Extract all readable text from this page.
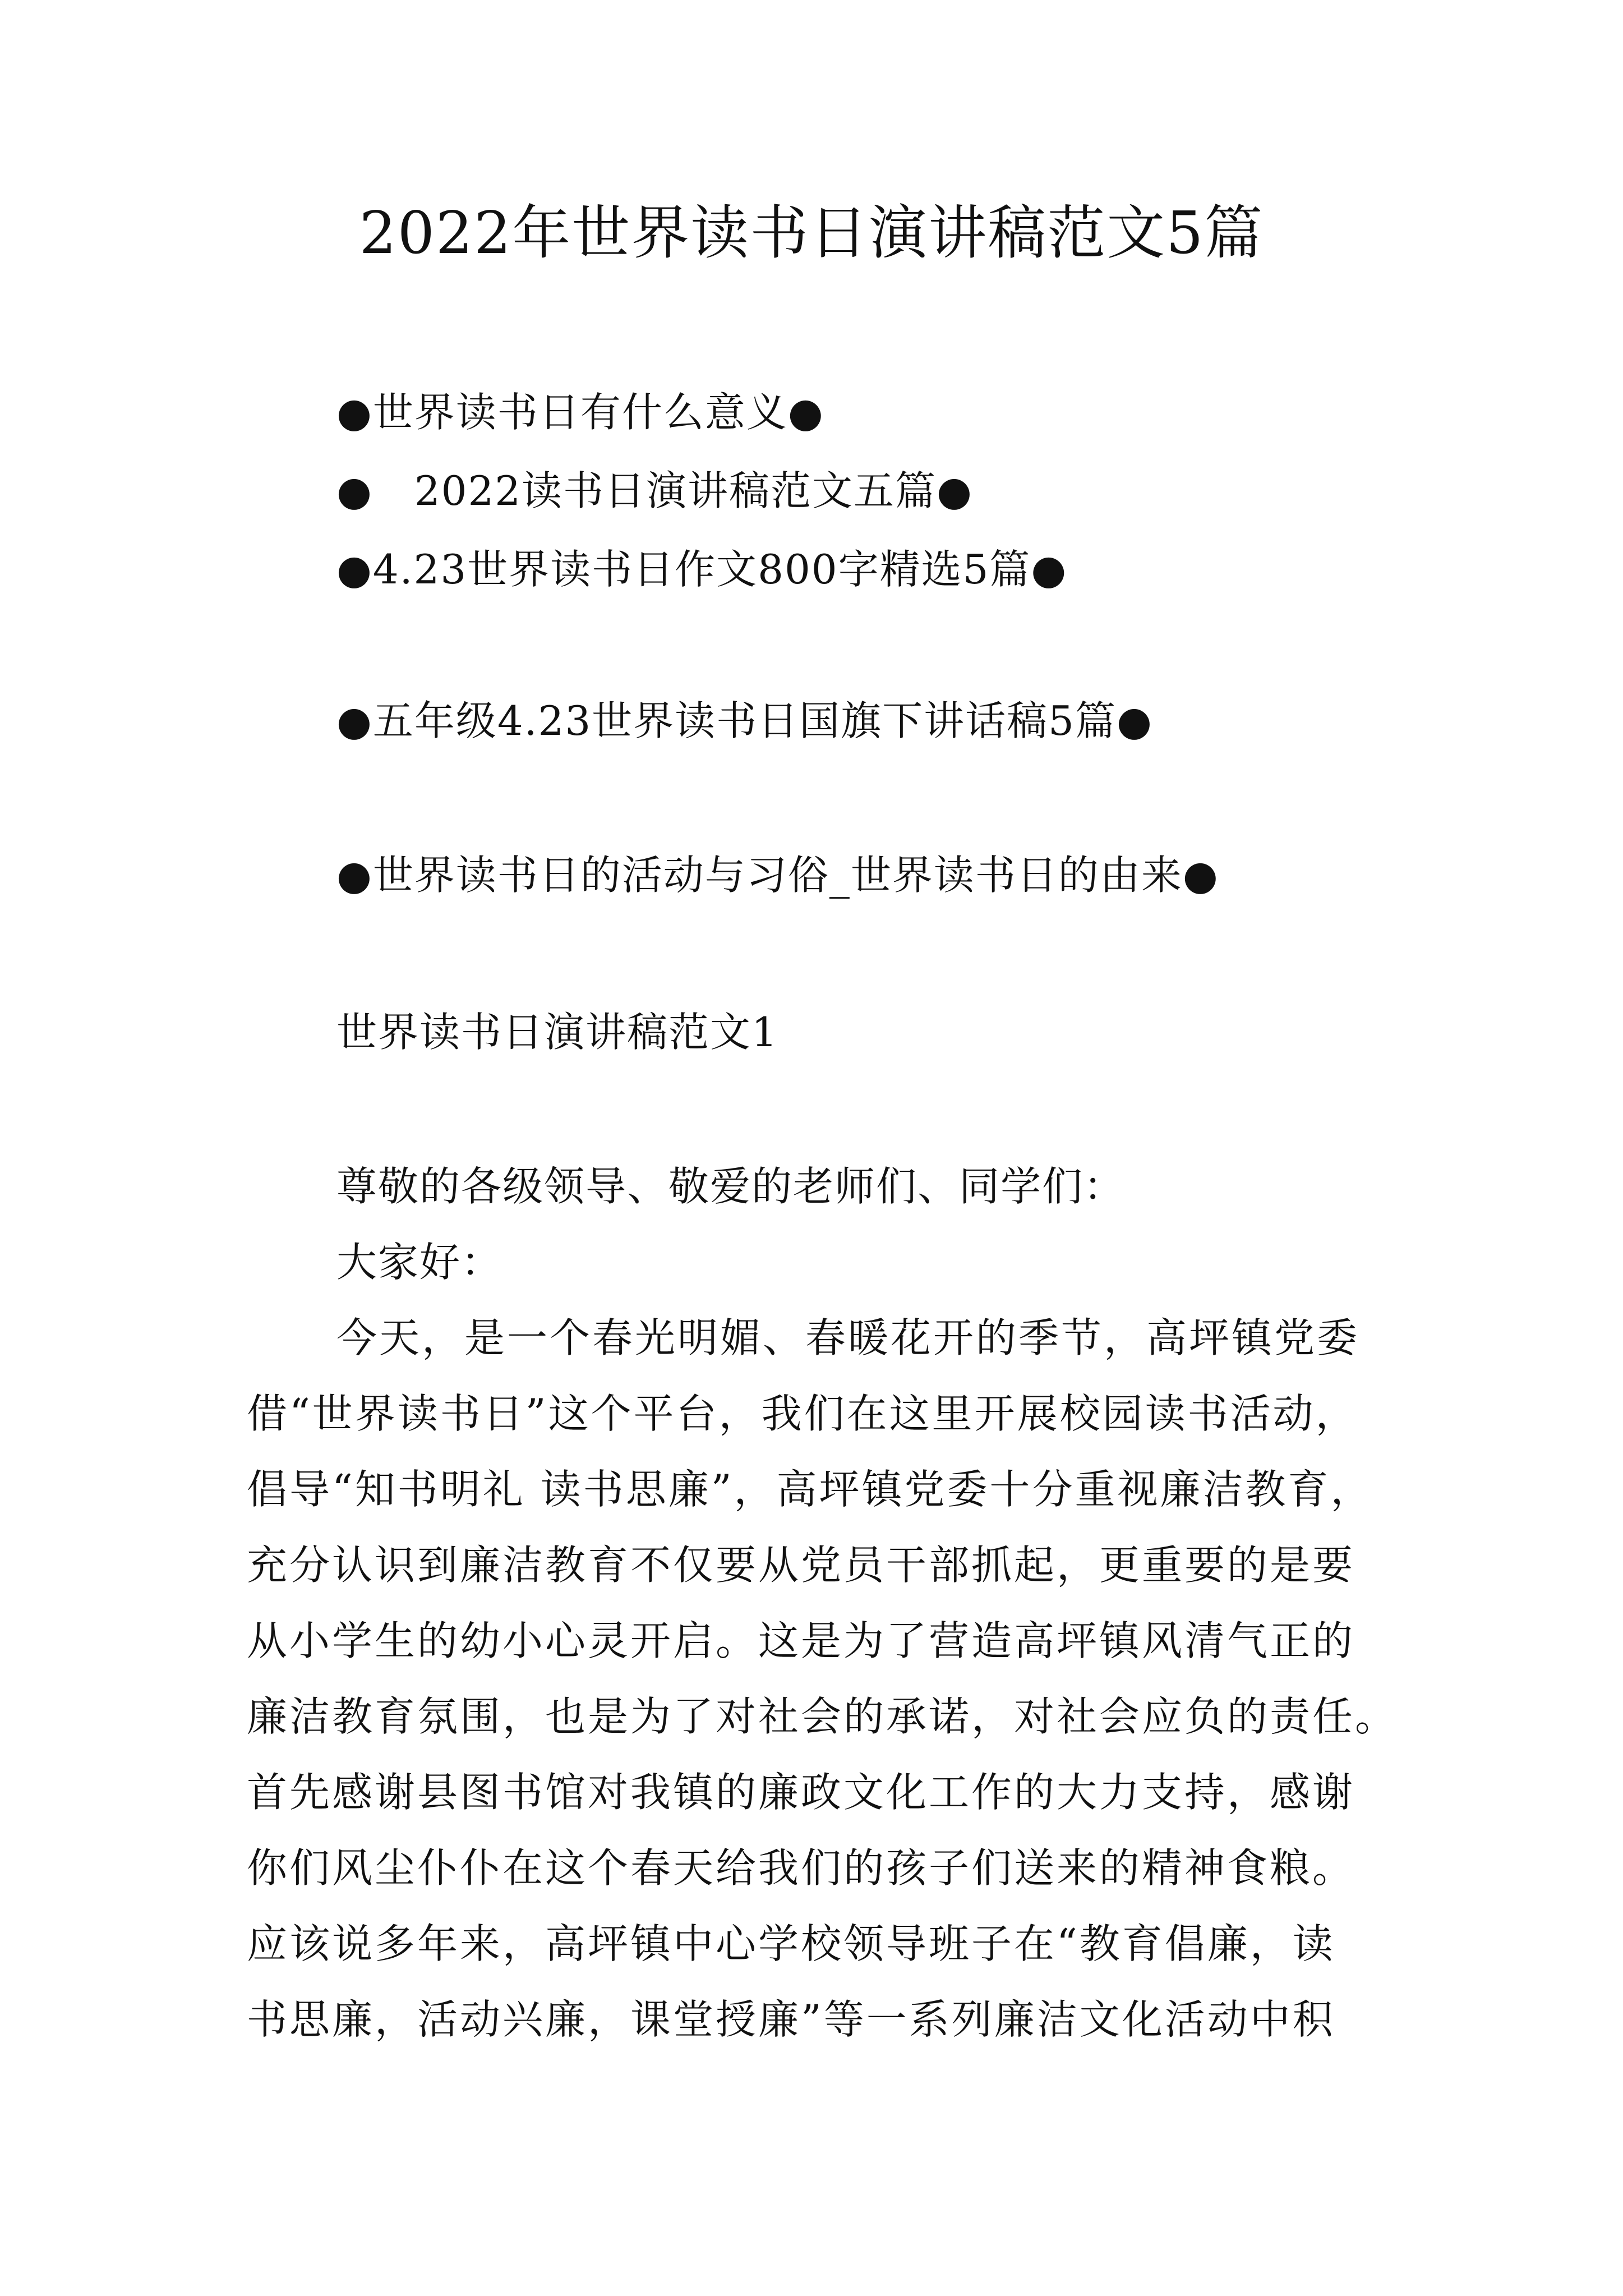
2022年世界读书日演讲稿范文5篇
●世界读书日有什么意义●
●　2022读书日演讲稿范文五篇●
●4.23世界读书日作文800字精选5篇●
●五年级4.23世界读书日国旗下讲话稿5篇●
●世界读书日的活动与习俗_世界读书日的由来●
世界读书日演讲稿范文1
尊敬的各级领导、敬爱的老师们、同学们：
大家好：
今天，是一个春光明媚、春暖花开的季节，高坪镇党委
借“世界读书日”这个平台，我们在这里开展校园读书活动，
倡导“知书明礼 读书思廉”，高坪镇党委十分重视廉洁教育，
充分认识到廉洁教育不仅要从党员干部抓起，更重要的是要
从小学生的幼小心灵开启。这是为了营造高坪镇风清气正的
廉洁教育氛围，也是为了对社会的承诺，对社会应负的责任。
首先感谢县图书馆对我镇的廉政文化工作的大力支持，感谢
你们风尘仆仆在这个春天给我们的孩子们送来的精神食粮。
应该说多年来，高坪镇中心学校领导班子在“教育倡廉，读
书思廉，活动兴廉，课堂授廉”等一系列廉洁文化活动中积
